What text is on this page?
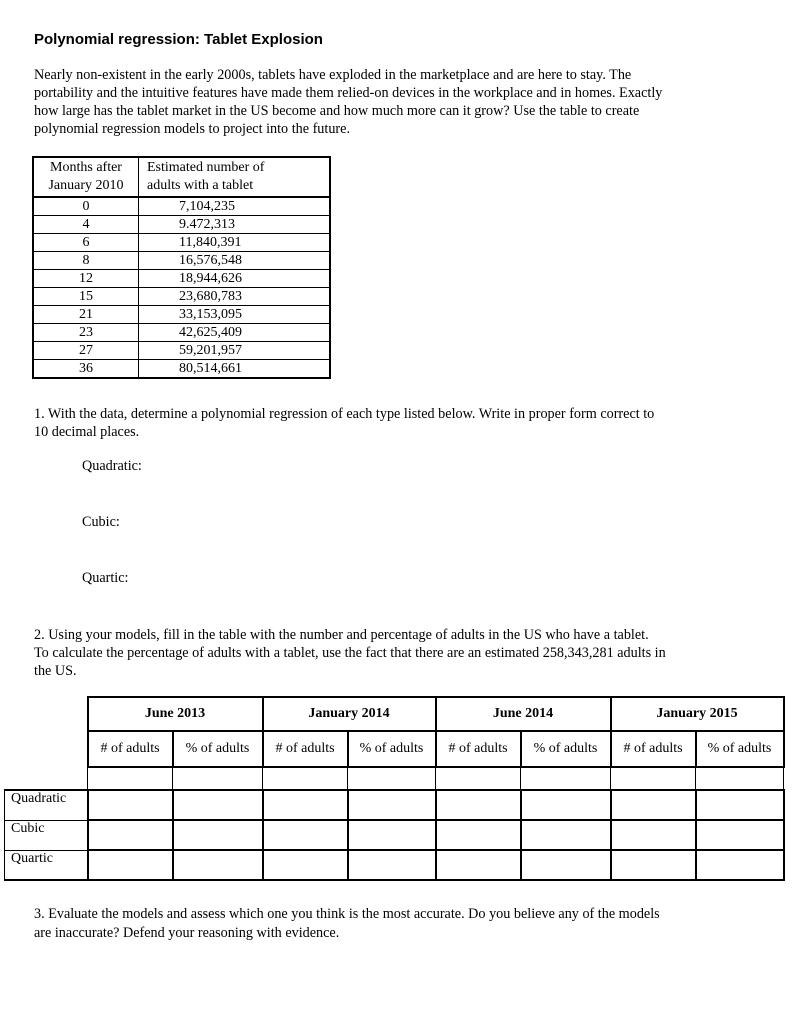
Polynomial regression: Tablet Explosion

Nearly non-existent in the early 2000s, tablets have exploded in the marketplace and are here to stay. The

portability and the intuitive features have made them relied-on devices in the workplace and in homes. Exactly

how large has the tablet market in the US become and how much more can it grow? Use the table to create

polynomial regression models to project into the future.

Months after
January 2010	Estimated number of
adults with a tablet
0	7,104,235
4	9.472,313
6	11,840,391
8	16,576,548
12	18,944,626
15	23,680,783
21	33,153,095
23	42,625,409
27	59,201,957
36	80,514,661

1. With the data, determine a polynomial regression of each type listed below. Write in proper form correct to

10 decimal places.

Quadratic:
Cubic:
Quartic:

2. Using your models, fill in the table with the number and percentage of adults in the US who have a tablet.

To calculate the percentage of adults with a tablet, use the fact that there are an estimated 258,343,281 adults in

the US.

	June 2013		January 2014		June 2014		January 2015	
	# of adults	% of adults	# of adults	% of adults	# of adults	% of adults	# of adults	% of adults

Quadratic								
Cubic								
Quartic								

3. Evaluate the models and assess which one you think is the most accurate. Do you believe any of the models

are inaccurate? Defend your reasoning with evidence.
